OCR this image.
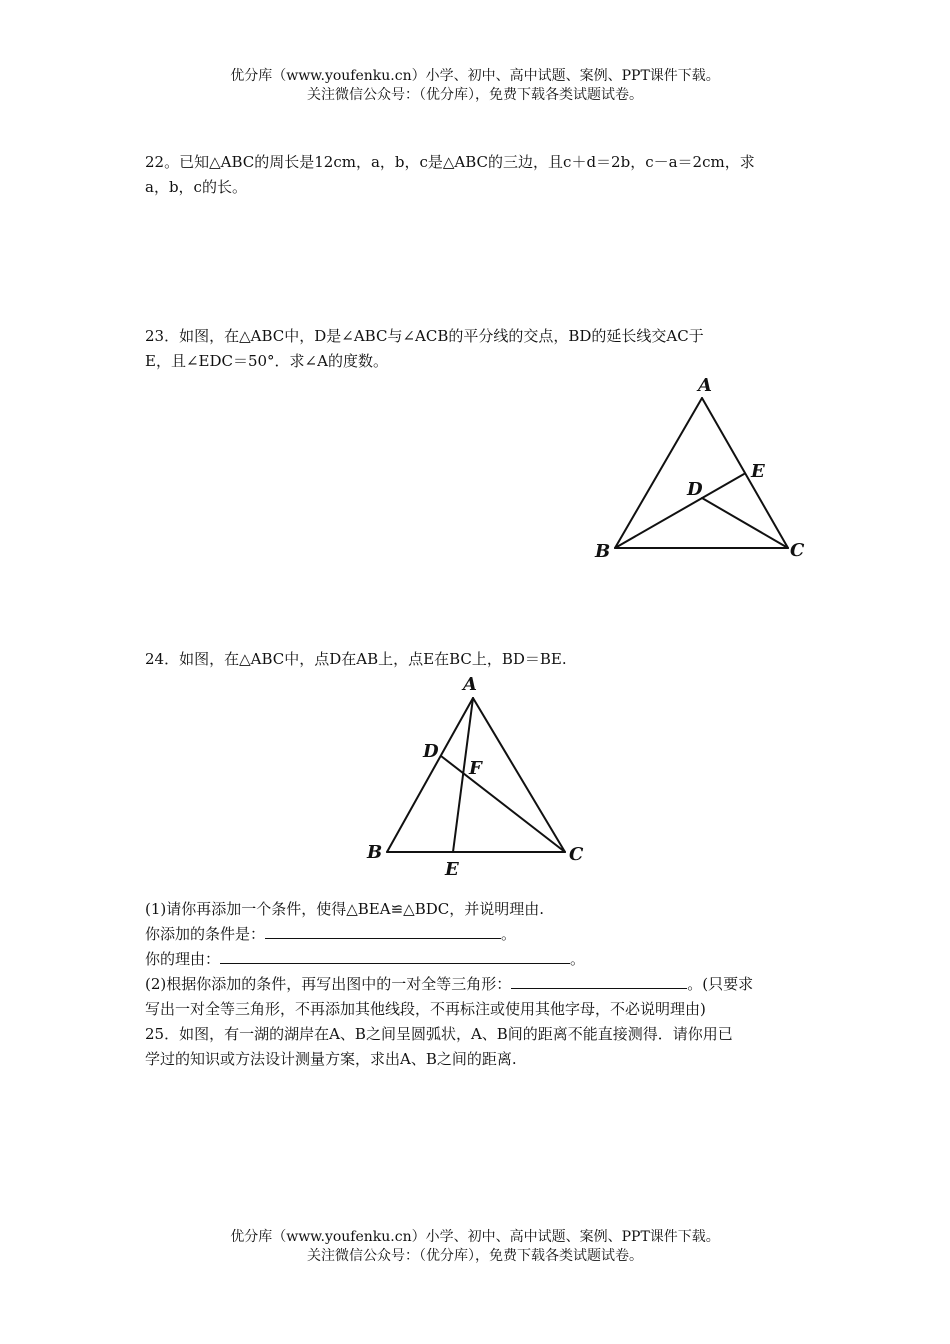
优分库（www.youfenku.cn）小学、初中、高中试题、案例、PPT课件下载。
关注微信公众号：（优分库），免费下载各类试题试卷。
22。已知△ABC的周长是12cm，a，b，c是△ABC的三边，且c＋d＝2b，c－a＝2cm，求
a，b，c的长。
23．如图，在△ABC中，D是∠ABC与∠ACB的平分线的交点，BD的延长线交AC于
E，且∠EDC＝50°．求∠A的度数。
A
B	C
D
E
24．如图，在△ABC中，点D在AB上，点E在BC上，BD＝BE.
A
B	C
D
E
F
(1)请你再添加一个条件，使得△BEA≌△BDC，并说明理由.
你添加的条件是：	。
你的理由：	。
(2)根据你添加的条件，再写出图中的一对全等三角形：	。(只要求
写出一对全等三角形，不再添加其他线段，不再标注或使用其他字母，不必说明理由)
25．如图，有一湖的湖岸在A、B之间呈圆弧状，A、B间的距离不能直接测得．请你用已
学过的知识或方法设计测量方案，求出A、B之间的距离.
优分库（www.youfenku.cn）小学、初中、高中试题、案例、PPT课件下载。
关注微信公众号：（优分库），免费下载各类试题试卷。
